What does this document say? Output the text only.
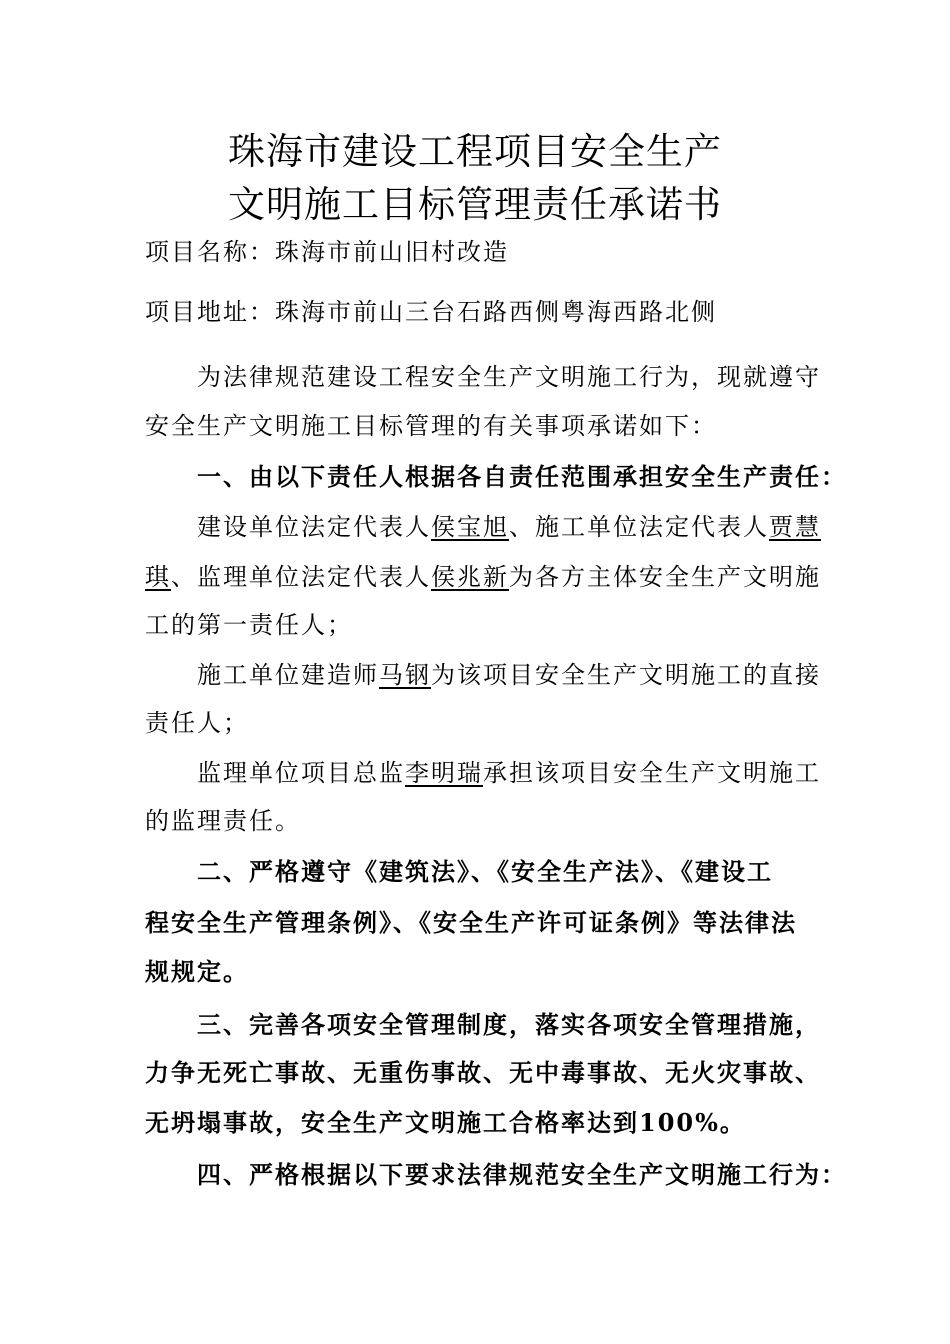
珠海市建设工程项目安全生产
文明施工目标管理责任承诺书
项目名称：珠海市前山旧村改造
项目地址：珠海市前山三台石路西侧粤海西路北侧
为法律规范建设工程安全生产文明施工行为，现就遵守
安全生产文明施工目标管理的有关事项承诺如下：
一、由以下责任人根据各自责任范围承担安全生产责任：
建设单位法定代表人侯宝旭、施工单位法定代表人贾慧
琪、监理单位法定代表人侯兆新为各方主体安全生产文明施
工的第一责任人；
施工单位建造师马钢为该项目安全生产文明施工的直接
责任人；
监理单位项目总监李明瑞承担该项目安全生产文明施工
的监理责任。
二、严格遵守《建筑法》、《安全生产法》、《建设工
程安全生产管理条例》、《安全生产许可证条例》等法律法
规规定。
三、完善各项安全管理制度，落实各项安全管理措施，
力争无死亡事故、无重伤事故、无中毒事故、无火灾事故、
无坍塌事故，安全生产文明施工合格率达到100%。
四、严格根据以下要求法律规范安全生产文明施工行为：
